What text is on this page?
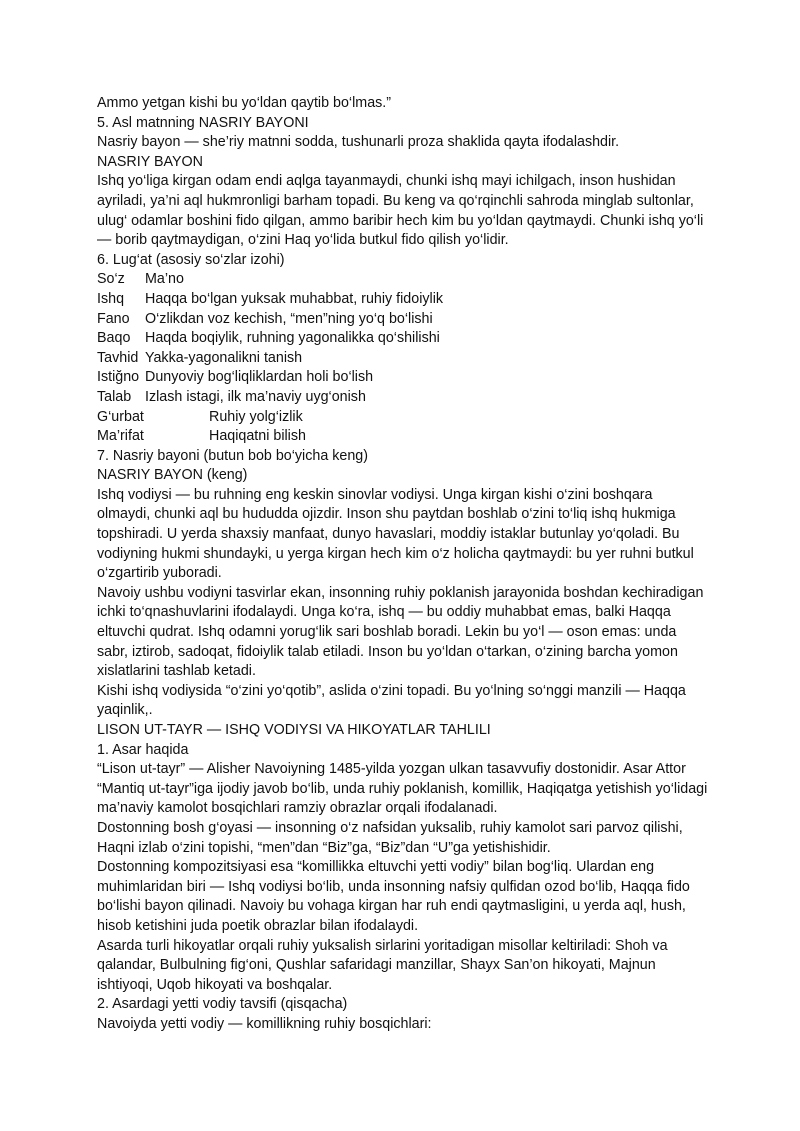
Ammo yetgan kishi bu yo‘ldan qaytib bo‘lmas.”

5. Asl matnning NASRIY BAYONI

Nasriy bayon — she’riy matnni sodda, tushunarli proza shaklida qayta ifodalashdir.

NASRIY BAYON

Ishq yo‘liga kirgan odam endi aqlga tayanmaydi, chunki ishq mayi ichilgach, inson hushidan ayriladi, ya’ni aql hukmronligi barham topadi. Bu keng va qo‘rqinchli sahroda minglab sultonlar, ulug‘ odamlar boshini fido qilgan, ammo baribir hech kim bu yo‘ldan qaytmaydi. Chunki ishq yo‘li — borib qaytmaydigan, o‘zini Haq yo‘lida butkul fido qilish yo‘lidir.

6. Lug‘at (asosiy so‘zlar izohi)

So‘z	Ma’no
Ishq	Haqqa bo‘lgan yuksak muhabbat, ruhiy fidoiylik
Fano	O‘zlikdan voz kechish, “men”ning yo‘q bo‘lishi
Baqo	Haqda boqiylik, ruhning yagonalikka qo‘shilishi
Tavhid Yakka-yagonalikni tanish
Istiğno Dunyoviy bog‘liqliklardan holi bo‘lish
Talab Izlash istagi, ilk ma’naviy uyg‘onish
G‘urbat	Ruhiy yolg‘izlik
Ma’rifat	Haqiqatni bilish

7. Nasriy bayoni (butun bob bo‘yicha keng)

NASRIY BAYON (keng)

Ishq vodiysi — bu ruhning eng keskin sinovlar vodiysi. Unga kirgan kishi o‘zini boshqara olmaydi, chunki aql bu hududda ojizdir. Inson shu paytdan boshlab o‘zini to‘liq ishq hukmiga topshiradi. U yerda shaxsiy manfaat, dunyo havaslari, moddiy istaklar butunlay yo‘qoladi. Bu vodiyning hukmi shundayki, u yerga kirgan hech kim o‘z holicha qaytmaydi: bu yer ruhni butkul o‘zgartirib yuboradi.

Navoiy ushbu vodiyni tasvirlar ekan, insonning ruhiy poklanish jarayonida boshdan kechiradigan ichki to‘qnashuvlarini ifodalaydi. Unga ko‘ra, ishq — bu oddiy muhabbat emas, balki Haqqa eltuvchi qudrat. Ishq odamni yorug‘lik sari boshlab boradi. Lekin bu yo‘l — oson emas: unda sabr, iztirob, sadoqat, fidoiylik talab etiladi. Inson bu yo‘ldan o‘tarkan, o‘zining barcha yomon xislatlarini tashlab ketadi.

Kishi ishq vodiysida “o‘zini yo‘qotib”, aslida o‘zini topadi. Bu yo‘lning so‘nggi manzili — Haqqa yaqinlik,.

LISON UT-TAYR — ISHQ VODIYSI VA HIKOYATLAR TAHLILI

1. Asar haqida

“Lison ut-tayr” — Alisher Navoiyning 1485-yilda yozgan ulkan tasavvufiy dostonidir. Asar Attor “Mantiq ut-tayr”iga ijodiy javob bo‘lib, unda ruhiy poklanish, komillik, Haqiqatga yetishish yo‘lidagi ma’naviy kamolot bosqichlari ramziy obrazlar orqali ifodalanadi.

Dostonning bosh g‘oyasi — insonning o‘z nafsidan yuksalib, ruhiy kamolot sari parvoz qilishi, Haqni izlab o‘zini topishi, “men”dan “Biz”ga, “Biz”dan “U”ga yetishishidir.

Dostonning kompozitsiyasi esa “komillikka eltuvchi yetti vodiy” bilan bog‘liq. Ulardan eng muhimlaridan biri — Ishq vodiysi bo‘lib, unda insonning nafsiy qulfidan ozod bo‘lib, Haqqa fido bo‘lishi bayon qilinadi. Navoiy bu vohaga kirgan har ruh endi qaytmasligini, u yerda aql, hush, hisob ketishini juda poetik obrazlar bilan ifodalaydi.

Asarda turli hikoyatlar orqali ruhiy yuksalish sirlarini yoritadigan misollar keltiriladi: Shoh va qalandar, Bulbulning fig‘oni, Qushlar safaridagi manzillar, Shayx San’on hikoyati, Majnun ishtiyoqi, Uqob hikoyati va boshqalar.

2. Asardagi yetti vodiy tavsifi (qisqacha)

Navoiyda yetti vodiy — komillikning ruhiy bosqichlari:
